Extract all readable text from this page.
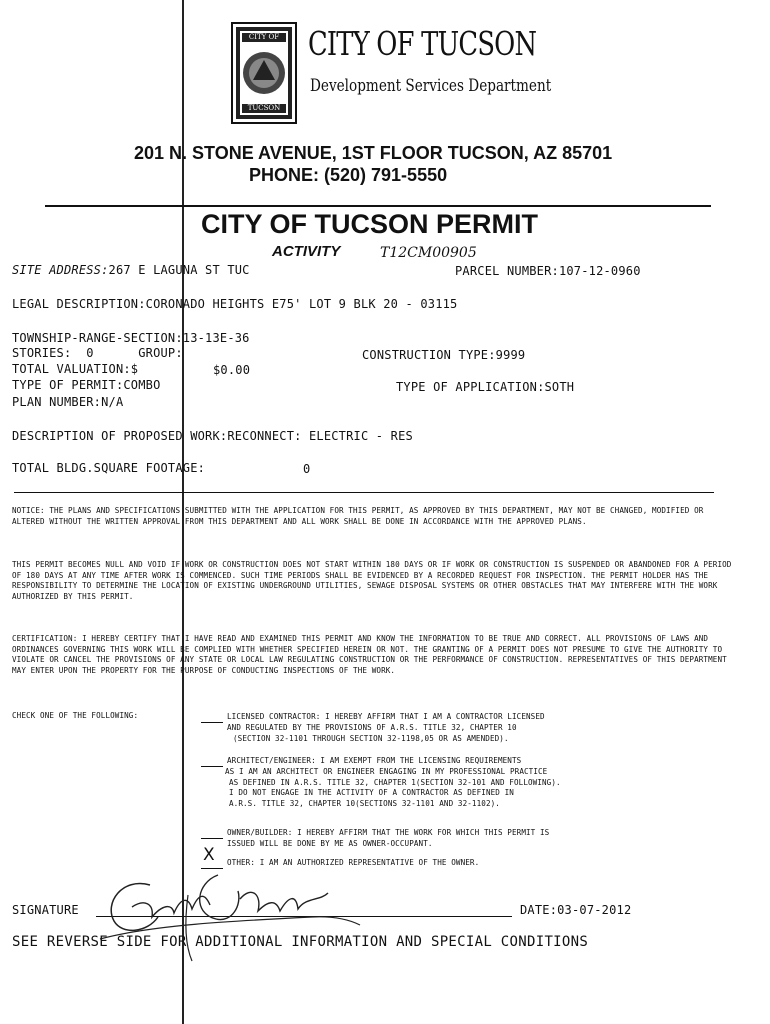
CITY OF
TUCSON
CITY OF TUCSON
Development Services Department
201 N. STONE AVENUE, 1ST FLOOR TUCSON, AZ 85701
PHONE: (520) 791-5550
CITY OF TUCSON PERMIT
ACTIVITY	T12CM00905
SITE ADDRESS:267 E LAGUNA ST TUC	PARCEL NUMBER:107-12-0960
LEGAL DESCRIPTION:CORONADO HEIGHTS E75' LOT 9 BLK 20 - 03115
TOWNSHIP-RANGE-SECTION:13-13E-36
STORIES:  0      GROUP:	CONSTRUCTION TYPE:9999
TOTAL VALUATION:$	$0.00
TYPE OF PERMIT:COMBO	TYPE OF APPLICATION:SOTH
PLAN NUMBER:N/A
DESCRIPTION OF PROPOSED WORK:RECONNECT: ELECTRIC - RES
TOTAL BLDG.SQUARE FOOTAGE:	0
NOTICE: THE PLANS AND SPECIFICATIONS SUBMITTED WITH THE APPLICATION FOR THIS PERMIT, AS APPROVED BY THIS DEPARTMENT, MAY NOT BE CHANGED, MODIFIED OR ALTERED WITHOUT THE WRITTEN APPROVAL FROM THIS DEPARTMENT AND ALL WORK SHALL BE DONE IN ACCORDANCE WITH THE APPROVED PLANS.
THIS PERMIT BECOMES NULL AND VOID IF WORK OR CONSTRUCTION DOES NOT START WITHIN 180 DAYS OR IF WORK OR CONSTRUCTION IS SUSPENDED OR ABANDONED FOR A PERIOD OF 180 DAYS AT ANY TIME AFTER WORK IS COMMENCED. SUCH TIME PERIODS SHALL BE EVIDENCED BY A RECORDED REQUEST FOR INSPECTION. THE PERMIT HOLDER HAS THE RESPONSIBILITY TO DETERMINE THE LOCATION OF EXISTING UNDERGROUND UTILITIES, SEWAGE DISPOSAL SYSTEMS OR OTHER OBSTACLES THAT MAY INTERFERE WITH THE WORK AUTHORIZED BY THIS PERMIT.
CERTIFICATION: I HEREBY CERTIFY THAT I HAVE READ AND EXAMINED THIS PERMIT AND KNOW THE INFORMATION TO BE TRUE AND CORRECT. ALL PROVISIONS OF LAWS AND ORDINANCES GOVERNING THIS WORK WILL BE COMPLIED WITH WHETHER SPECIFIED HEREIN OR NOT. THE GRANTING OF A PERMIT DOES NOT PRESUME TO GIVE THE AUTHORITY TO VIOLATE OR CANCEL THE PROVISIONS OF ANY STATE OR LOCAL LAW REGULATING CONSTRUCTION OR THE PERFORMANCE OF CONSTRUCTION. REPRESENTATIVES OF THIS DEPARTMENT MAY ENTER UPON THE PROPERTY FOR THE PURPOSE OF CONDUCTING INSPECTIONS OF THE WORK.
CHECK ONE OF THE FOLLOWING:	LICENSED CONTRACTOR: I HEREBY AFFIRM THAT I AM A CONTRACTOR LICENSED
AND REGULATED BY THE PROVISIONS OF A.R.S. TITLE 32, CHAPTER 10
(SECTION 32-1101 THROUGH SECTION 32-1198,05 OR AS AMENDED).
ARCHITECT/ENGINEER: I AM EXEMPT FROM THE LICENSING REQUIREMENTS
AS I AM AN ARCHITECT OR ENGINEER ENGAGING IN MY PROFESSIONAL PRACTICE
AS DEFINED IN A.R.S. TITLE 32, CHAPTER 1(SECTION 32-101 AND FOLLOWING).
I DO NOT ENGAGE IN THE ACTIVITY OF A CONTRACTOR AS DEFINED IN
A.R.S. TITLE 32, CHAPTER 10(SECTIONS 32-1101 AND 32-1102).
OWNER/BUILDER: I HEREBY AFFIRM THAT THE WORK FOR WHICH THIS PERMIT IS
ISSUED WILL BE DONE BY ME AS OWNER-OCCUPANT.
X OTHER: I AM AN AUTHORIZED REPRESENTATIVE OF THE OWNER.
SIGNATURE	DATE:03-07-2012
SEE REVERSE SIDE FOR ADDITIONAL INFORMATION AND SPECIAL CONDITIONS
